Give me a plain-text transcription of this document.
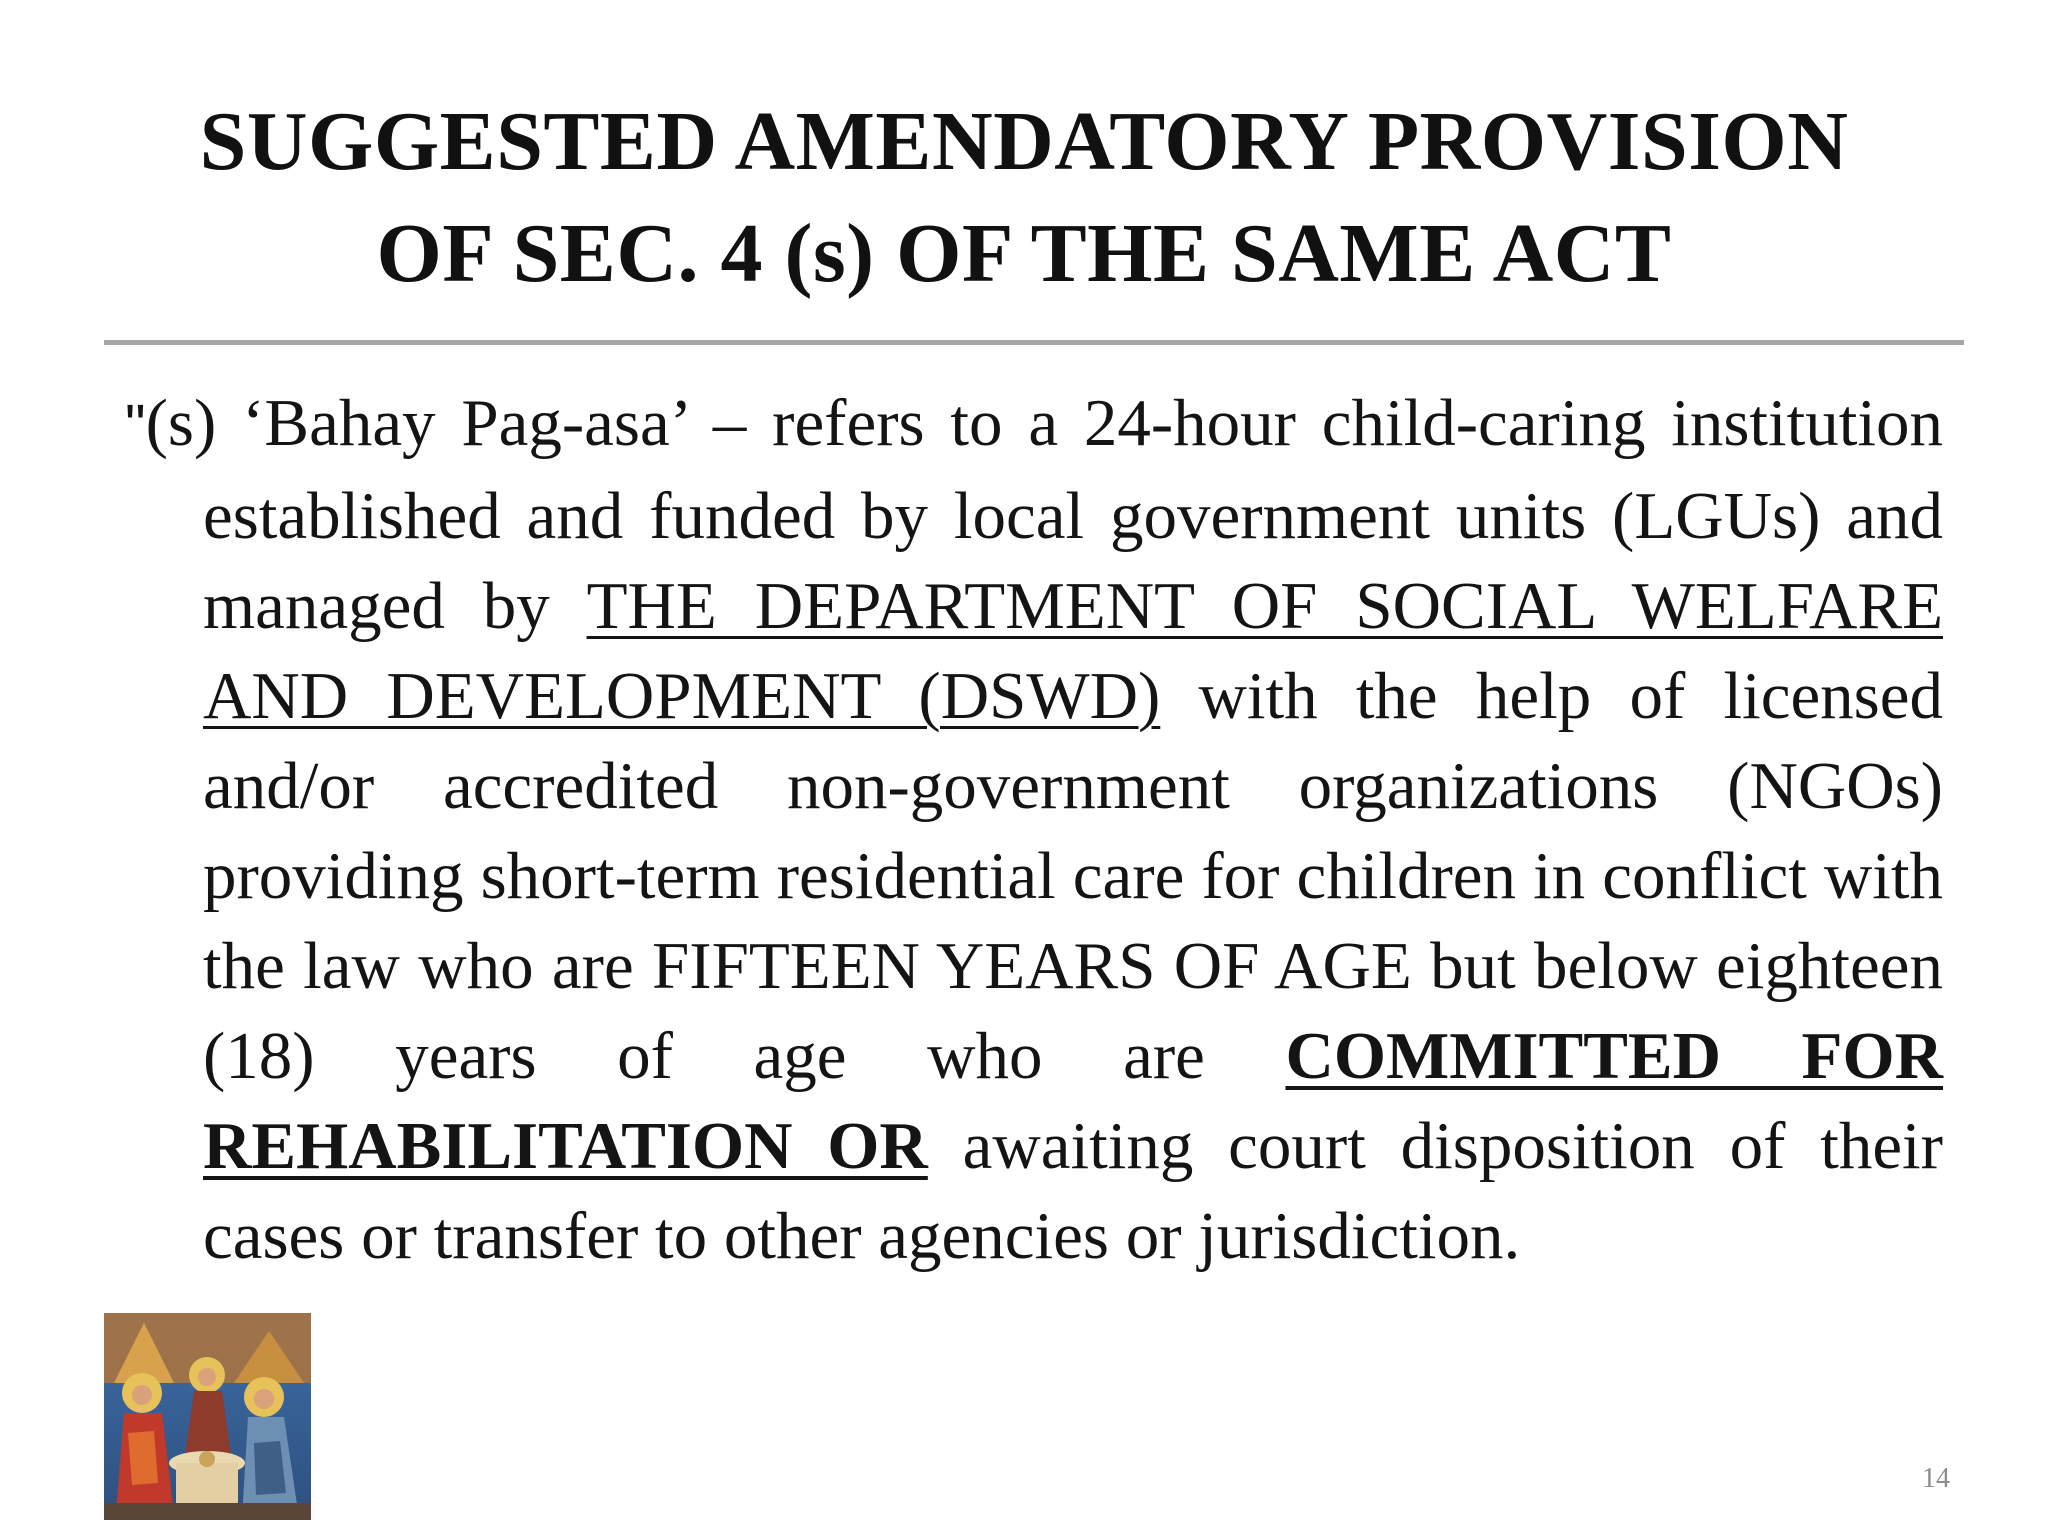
SUGGESTED AMENDATORY PROVISION
OF SEC. 4 (s) OF THE SAME ACT

"(s) ‘Bahay Pag-asa’ – refers to a 24-hour child-caring institution established and funded by local government units (LGUs) and managed by THE DEPARTMENT OF SOCIAL WELFARE AND DEVELOPMENT (DSWD) with the help of licensed and/or accredited non-government organizations (NGOs) providing short-term residential care for children in conflict with the law who are FIFTEEN YEARS OF AGE but below eighteen (18) years of age who are COMMITTED FOR REHABILITATION OR awaiting court disposition of their cases or transfer to other agencies or jurisdiction.

14
